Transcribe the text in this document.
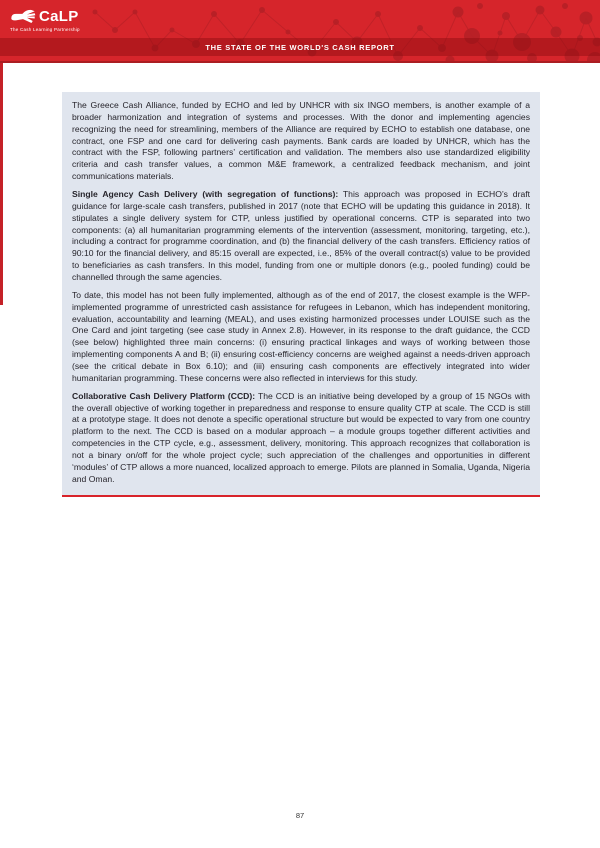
CaLP
The Cash Learning Partnership
THE STATE OF THE WORLD'S CASH REPORT

The Greece Cash Alliance, funded by ECHO and led by UNHCR with six INGO members, is another example of a broader harmonization and integration of systems and processes. With the donor and implementing agencies recognizing the need for streamlining, members of the Alliance are required by ECHO to establish one database, one contract, one FSP and one card for delivering cash payments. Bank cards are loaded by UNHCR, which has the contract with the FSP, following partners’ certification and validation. The members also use standardized eligibility criteria and cash transfer values, a common M&E framework, a centralized feedback mechanism, and joint communications materials.

Single Agency Cash Delivery (with segregation of functions): This approach was proposed in ECHO’s draft guidance for large-scale cash transfers, published in 2017 (note that ECHO will be updating this guidance in 2018). It stipulates a single delivery system for CTP, unless justified by operational concerns. CTP is separated into two components: (a) all humanitarian programming elements of the intervention (assessment, monitoring, targeting, etc.), including a contract for programme coordination, and (b) the financial delivery of the cash transfers. Efficiency ratios of 90:10 for the financial delivery, and 85:15 overall are expected, i.e., 85% of the overall contract(s) value to be provided to beneficiaries as cash transfers. In this model, funding from one or multiple donors (e.g., pooled funding) could be channelled through the same agencies.

To date, this model has not been fully implemented, although as of the end of 2017, the closest example is the WFP-implemented programme of unrestricted cash assistance for refugees in Lebanon, which has independent monitoring, evaluation, accountability and learning (MEAL), and uses existing harmonized processes under LOUISE such as the One Card and joint targeting (see case study in Annex 2.8). However, in its response to the draft guidance, the CCD (see below) highlighted three main concerns: (i) ensuring practical linkages and ways of working between those implementing components A and B; (ii) ensuring cost-efficiency concerns are weighed against a needs-driven approach (see the critical debate in Box 6.10); and (iii) ensuring cash components are effectively integrated into wider humanitarian programming. These concerns were also reflected in interviews for this study.

Collaborative Cash Delivery Platform (CCD): The CCD is an initiative being developed by a group of 15 NGOs with the overall objective of working together in preparedness and response to ensure quality CTP at scale. The CCD is still at a prototype stage. It does not denote a specific operational structure but would be expected to vary from one country platform to the next. The CCD is based on a modular approach – a module groups together different activities and competencies in the CTP cycle, e.g., assessment, delivery, monitoring. This approach recognizes that collaboration is not a binary on/off for the whole project cycle; such appreciation of the challenges and opportunities in different ‘modules’ of CTP allows a more nuanced, localized approach to emerge. Pilots are planned in Somalia, Uganda, Nigeria and Oman.

87
